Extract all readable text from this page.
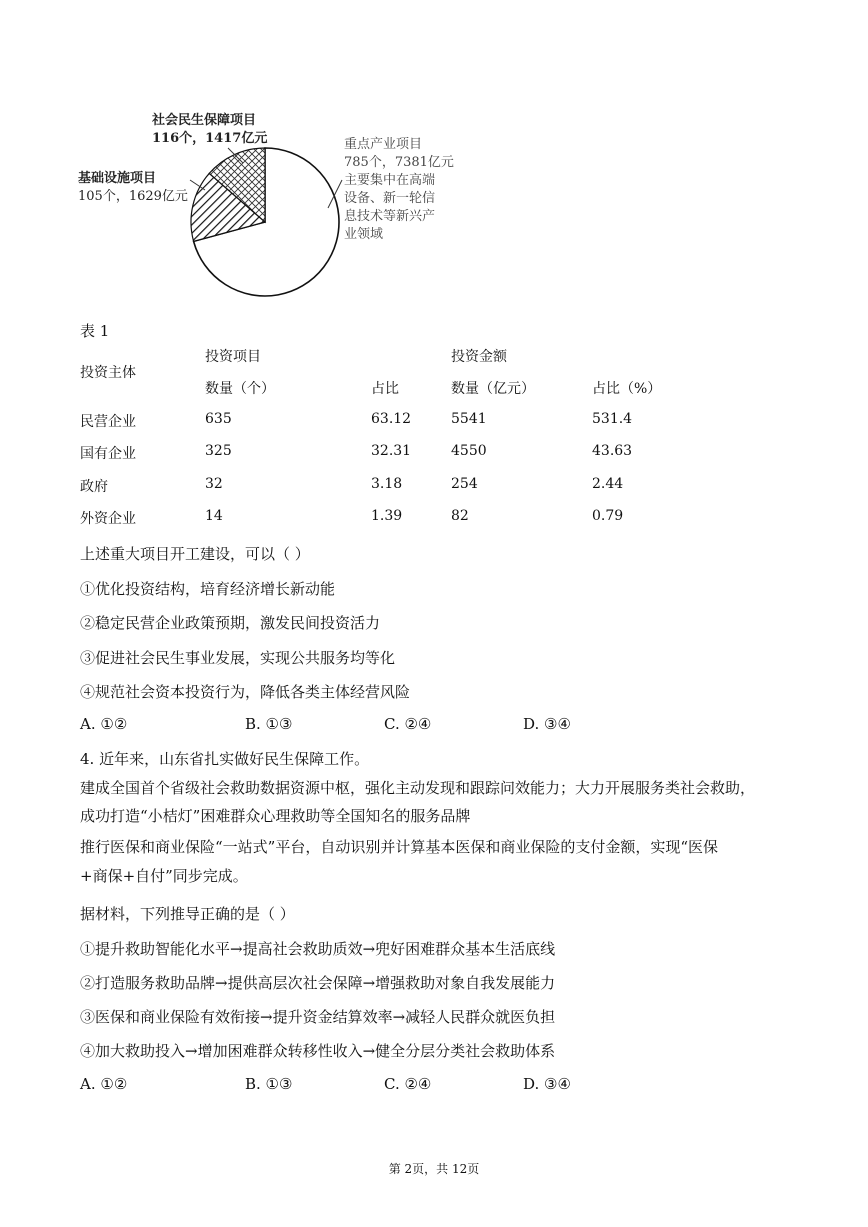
社会民生保障项目
116个，1417亿元
基础设施项目
105个，1629亿元
重点产业项目
785个，7381亿元
主要集中在高端
设备、新一轮信
息技术等新兴产
业领域
表 1
投资主体
投资项目	投资金额
数量（个）	占比	数量（亿元）	占比（%）
民营企业	635	63.12	5541	531.4
国有企业	325	32.31	4550	43.63
政府	32	3.18	254	2.44
外资企业	14	1.39	82	0.79
上述重大项目开工建设，可以（ ）
①优化投资结构，培育经济增长新动能
②稳定民营企业政策预期，激发民间投资活力
③促进社会民生事业发展，实现公共服务均等化
④规范社会资本投资行为，降低各类主体经营风险
A. ①②	B. ①③	C. ②④	D. ③④
4. 近年来，山东省扎实做好民生保障工作。
建成全国首个省级社会救助数据资源中枢，强化主动发现和跟踪问效能力；大力开展服务类社会救助，
成功打造“小桔灯”困难群众心理救助等全国知名的服务品牌
推行医保和商业保险“一站式”平台，自动识别并计算基本医保和商业保险的支付金额，实现“医保
+商保+自付”同步完成。
据材料，下列推导正确的是（ ）
①提升救助智能化水平→提高社会救助质效→兜好困难群众基本生活底线
②打造服务救助品牌→提供高层次社会保障→增强救助对象自我发展能力
③医保和商业保险有效衔接→提升资金结算效率→减轻人民群众就医负担
④加大救助投入→增加困难群众转移性收入→健全分层分类社会救助体系
A. ①②	B. ①③	C. ②④	D. ③④
第 2页，共 12页
